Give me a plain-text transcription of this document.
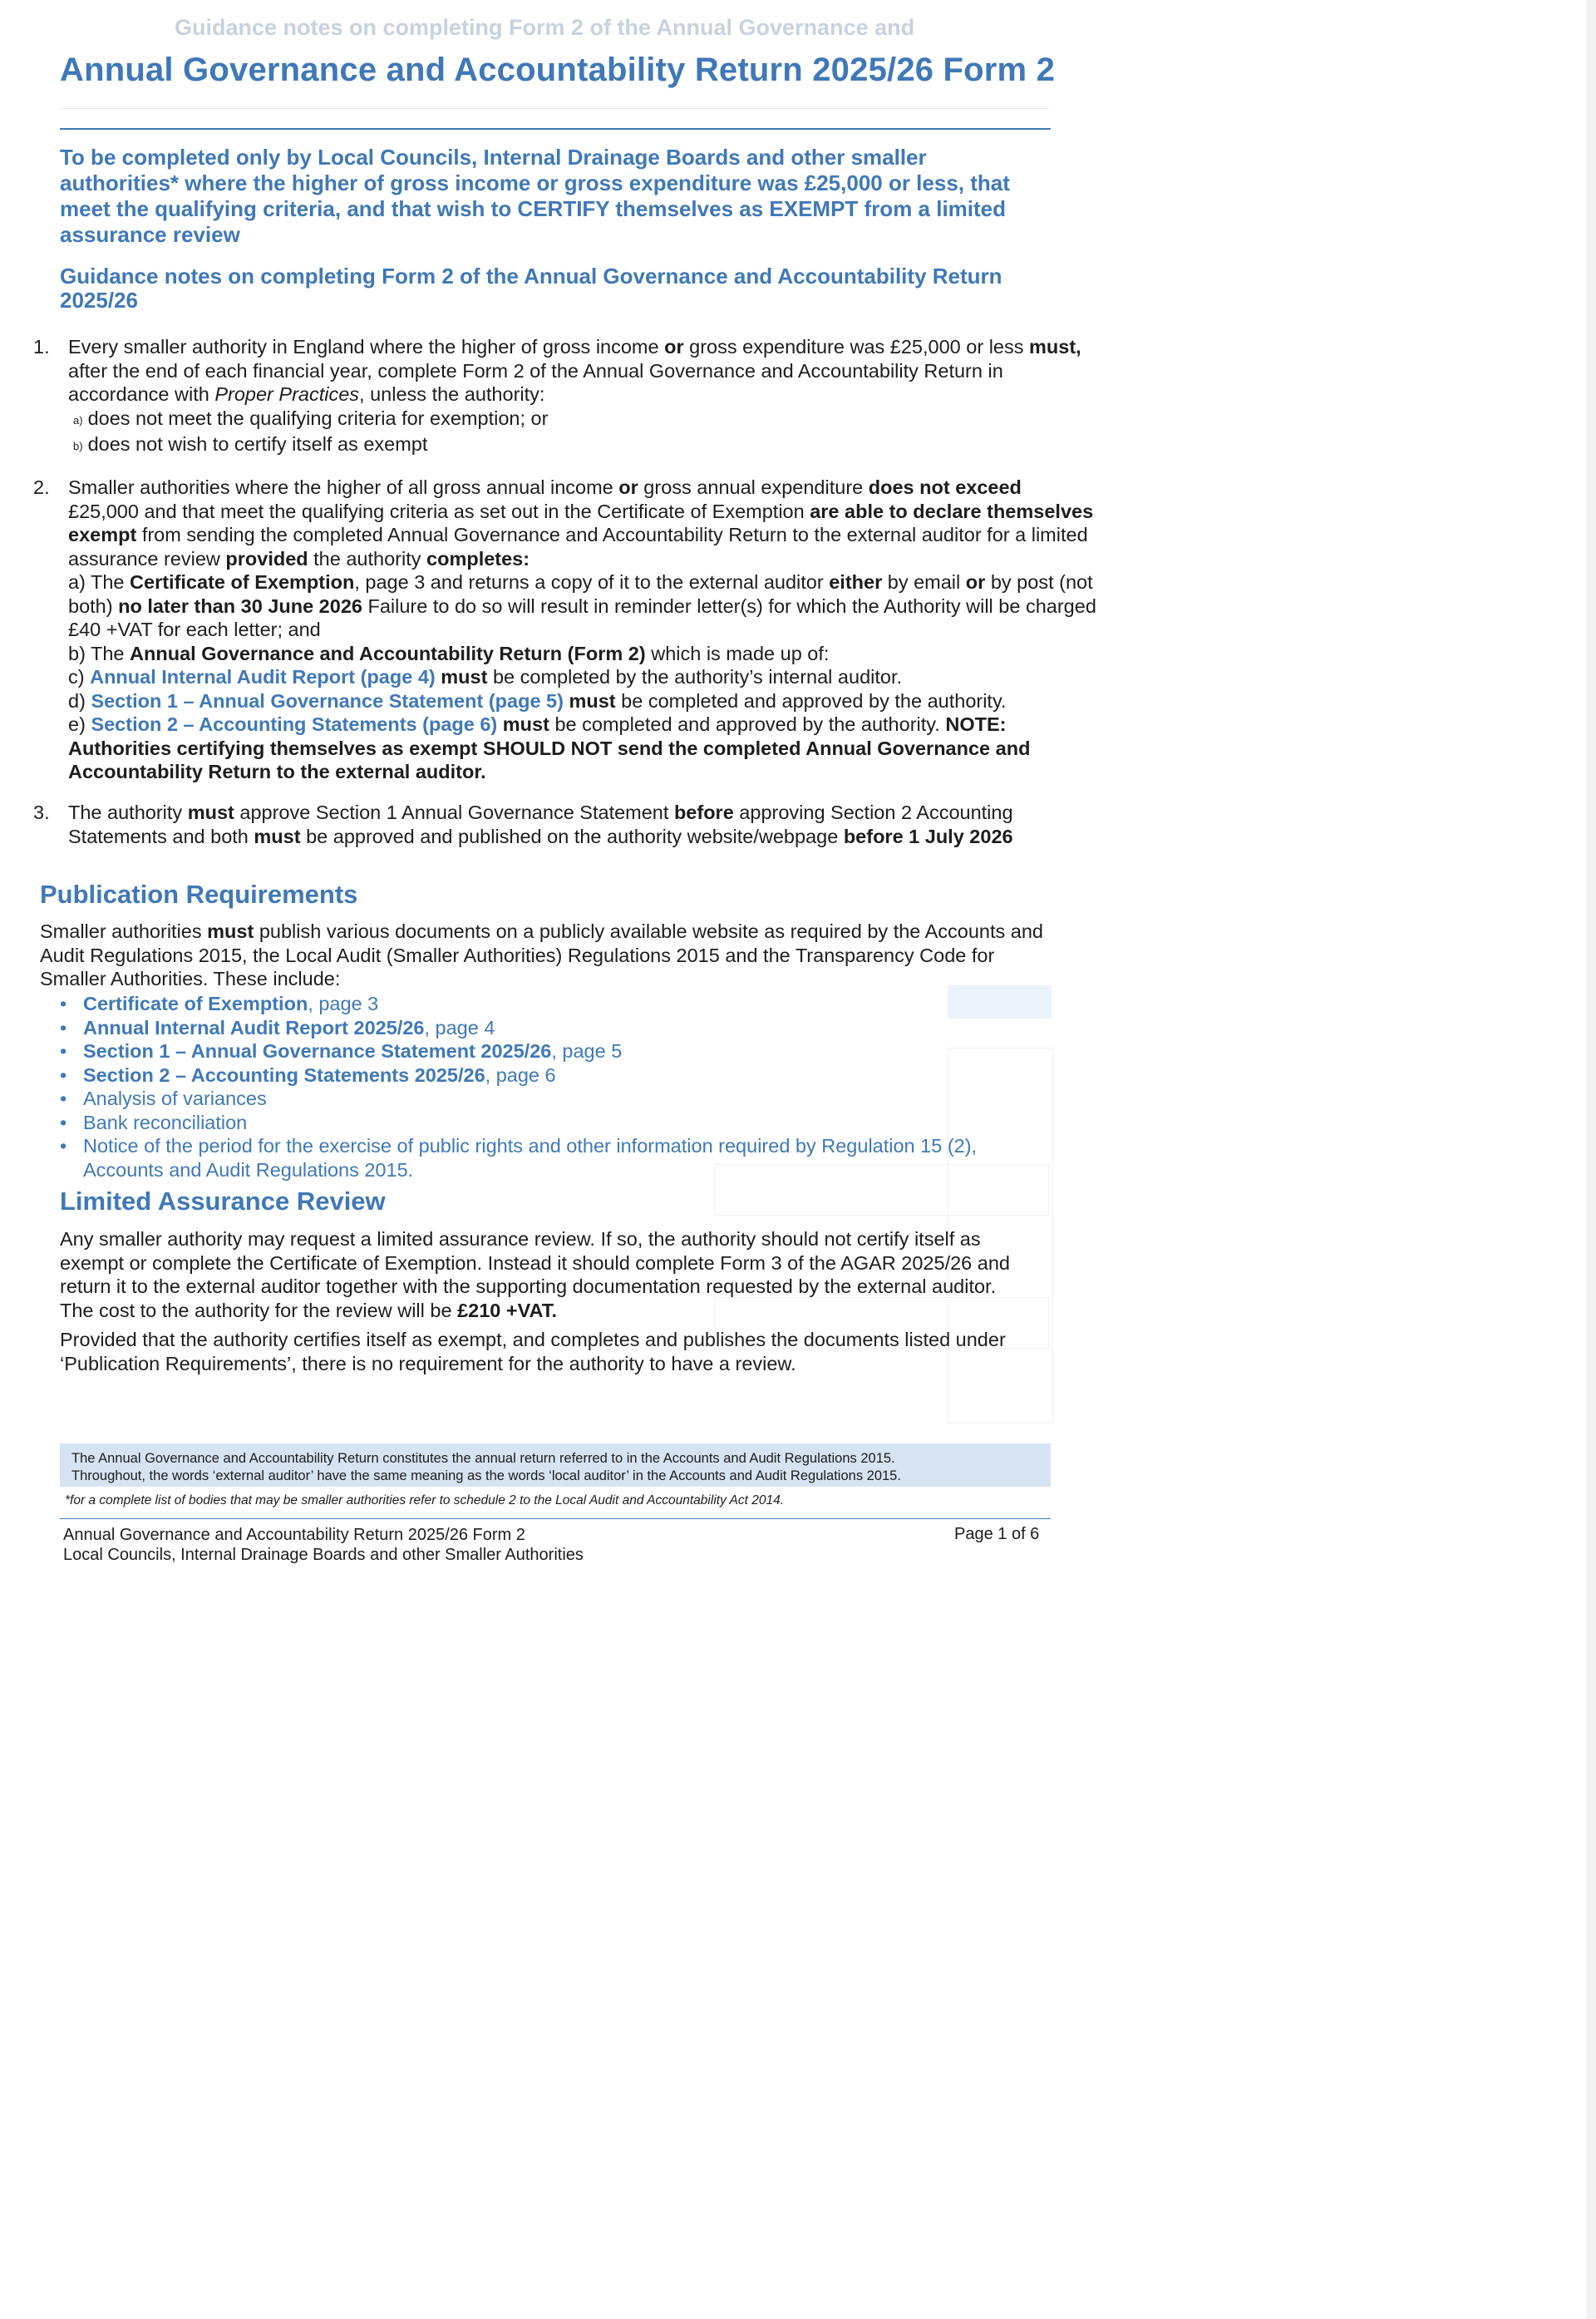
Guidance notes on completing Form 2 of the Annual Governance and
Annual Governance and Accountability Return 2025/26 Form 2

To be completed only by Local Councils, Internal Drainage Boards and other smaller authorities* where the higher of gross income or gross expenditure was £25,000 or less, that meet the qualifying criteria, and that wish to CERTIFY themselves as EXEMPT from a limited assurance review

Guidance notes on completing Form 2 of the Annual Governance and Accountability Return 2025/26

1. Every smaller authority in England where the higher of gross income or gross expenditure was £25,000 or less must, after the end of each financial year, complete Form 2 of the Annual Governance and Accountability Return in accordance with Proper Practices, unless the authority:
a) does not meet the qualifying criteria for exemption; or
b) does not wish to certify itself as exempt
2. Smaller authorities where the higher of all gross annual income or gross annual expenditure does not exceed £25,000 and that meet the qualifying criteria as set out in the Certificate of Exemption are able to declare themselves exempt from sending the completed Annual Governance and Accountability Return to the external auditor for a limited assurance review provided the authority completes:
a) The Certificate of Exemption, page 3 and returns a copy of it to the external auditor either by email or by post (not both) no later than 30 June 2026 Failure to do so will result in reminder letter(s) for which the Authority will be charged £40 +VAT for each letter; and
b) The Annual Governance and Accountability Return (Form 2) which is made up of:
c) Annual Internal Audit Report (page 4) must be completed by the authority’s internal auditor.
d) Section 1 – Annual Governance Statement (page 5) must be completed and approved by the authority.
e) Section 2 – Accounting Statements (page 6) must be completed and approved by the authority. NOTE: Authorities certifying themselves as exempt SHOULD NOT send the completed Annual Governance and Accountability Return to the external auditor.
3. The authority must approve Section 1 Annual Governance Statement before approving Section 2 Accounting Statements and both must be approved and published on the authority website/webpage before 1 July 2026
Publication Requirements
Smaller authorities must publish various documents on a publicly available website as required by the Accounts and Audit Regulations 2015, the Local Audit (Smaller Authorities) Regulations 2015 and the Transparency Code for Smaller Authorities. These include:
• Certificate of Exemption, page 3
• Annual Internal Audit Report 2025/26, page 4
• Section 1 – Annual Governance Statement 2025/26, page 5
• Section 2 – Accounting Statements 2025/26, page 6
• Analysis of variances
• Bank reconciliation
• Notice of the period for the exercise of public rights and other information required by Regulation 15 (2), Accounts and Audit Regulations 2015.
Limited Assurance Review
Any smaller authority may request a limited assurance review. If so, the authority should not certify itself as exempt or complete the Certificate of Exemption. Instead it should complete Form 3 of the AGAR 2025/26 and return it to the external auditor together with the supporting documentation requested by the external auditor. The cost to the authority for the review will be £210 +VAT.
Provided that the authority certifies itself as exempt, and completes and publishes the documents listed under ‘Publication Requirements’, there is no requirement for the authority to have a review.

The Annual Governance and Accountability Return constitutes the annual return referred to in the Accounts and Audit Regulations 2015.

Throughout, the words ‘external auditor’ have the same meaning as the words ‘local auditor’ in the Accounts and Audit Regulations 2015.

*for a complete list of bodies that may be smaller authorities refer to schedule 2 to the Local Audit and Accountability Act 2014.
Annual Governance and Accountability Return 2025/26 Form 2
Local Councils, Internal Drainage Boards and other Smaller Authorities
Page 1 of 6
